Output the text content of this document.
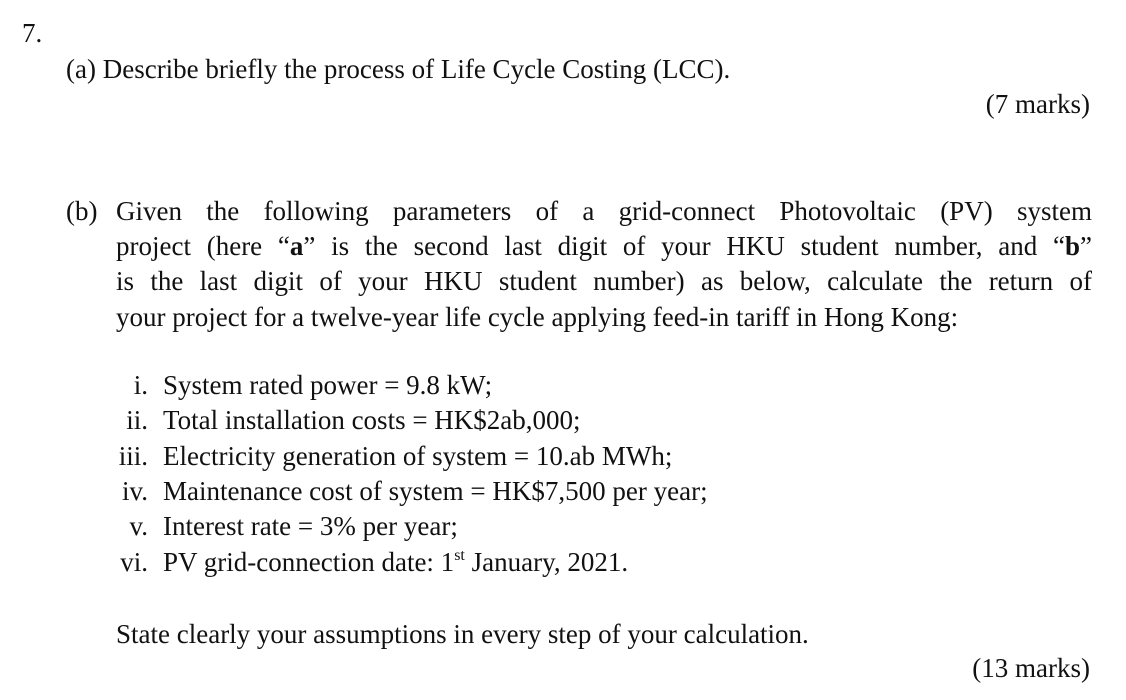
7.
(a) Describe briefly the process of Life Cycle Costing (LCC).
(7 marks)
(b) Given the following parameters of a grid-connect Photovoltaic (PV) system
project (here “a” is the second last digit of your HKU student number, and “b”
is the last digit of your HKU student number) as below, calculate the return of
your project for a twelve-year life cycle applying feed-in tariff in Hong Kong:
i. System rated power = 9.8 kW;
ii. Total installation costs = HK$2ab,000;
iii. Electricity generation of system = 10.ab MWh;
iv. Maintenance cost of system = HK$7,500 per year;
v. Interest rate = 3% per year;
vi. PV grid-connection date: 1st January, 2021.
State clearly your assumptions in every step of your calculation.
(13 marks)
